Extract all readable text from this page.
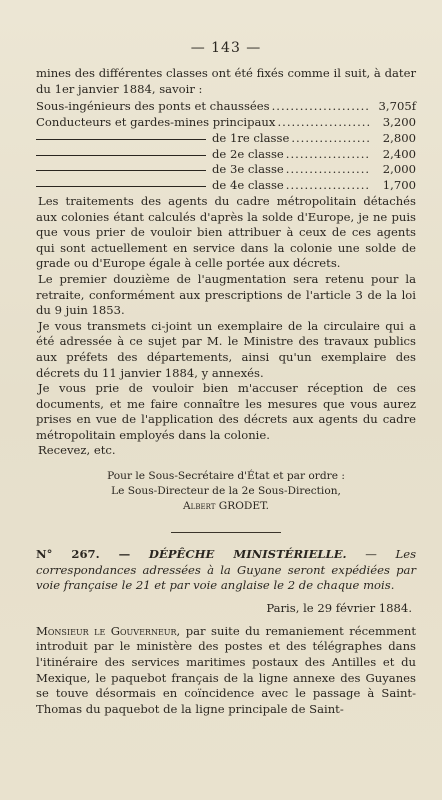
— 143 —

mines des différentes classes ont été fixés comme il suit, à dater du 1er janvier 1884, savoir :

Sous-ingénieurs des ponts et chaussées .....	3,705f
Conducteurs et gardes-mines principaux .....	3,200
de 1re classe .....	2,800
de 2e classe .....	2,400
de 3e classe .....	2,000
de 4e classe .....	1,700

Les traitements des agents du cadre métropolitain détachés aux colonies étant calculés d'après la solde d'Europe, je ne puis que vous prier de vouloir bien attribuer à ceux de ces agents qui sont actuellement en service dans la colonie une solde de grade ou d'Europe égale à celle portée aux décrets.

Le premier douzième de l'augmentation sera retenu pour la retraite, conformément aux prescriptions de l'article 3 de la loi du 9 juin 1853.

Je vous transmets ci-joint un exemplaire de la circulaire qui a été adressée à ce sujet par M. le Ministre des travaux publics aux préfets des départements, ainsi qu'un exemplaire des décrets du 11 janvier 1884, y annexés.

Je vous prie de vouloir bien m'accuser réception de ces documents, et me faire connaître les mesures que vous aurez prises en vue de l'application des décrets aux agents du cadre métropolitain employés dans la colonie.

Recevez, etc.

Pour le Sous-Secrétaire d'État et par ordre :
Le Sous-Directeur de la 2e Sous-Direction,
Albert GRODET.

N° 267. — DÉPÊCHE MINISTÉRIELLE. — Les correspondances adressées à la Guyane seront expédiées par voie française le 21 et par voie anglaise le 2 de chaque mois.

Paris, le 29 février 1884.

Monsieur le Gouverneur, par suite du remaniement récemment introduit par le ministère des postes et des télégraphes dans l'itinéraire des services maritimes postaux des Antilles et du Mexique, le paquebot français de la ligne annexe des Guyanes se touve désormais en coïncidence avec le passage à Saint-Thomas du paquebot de la ligne principale de Saint-
